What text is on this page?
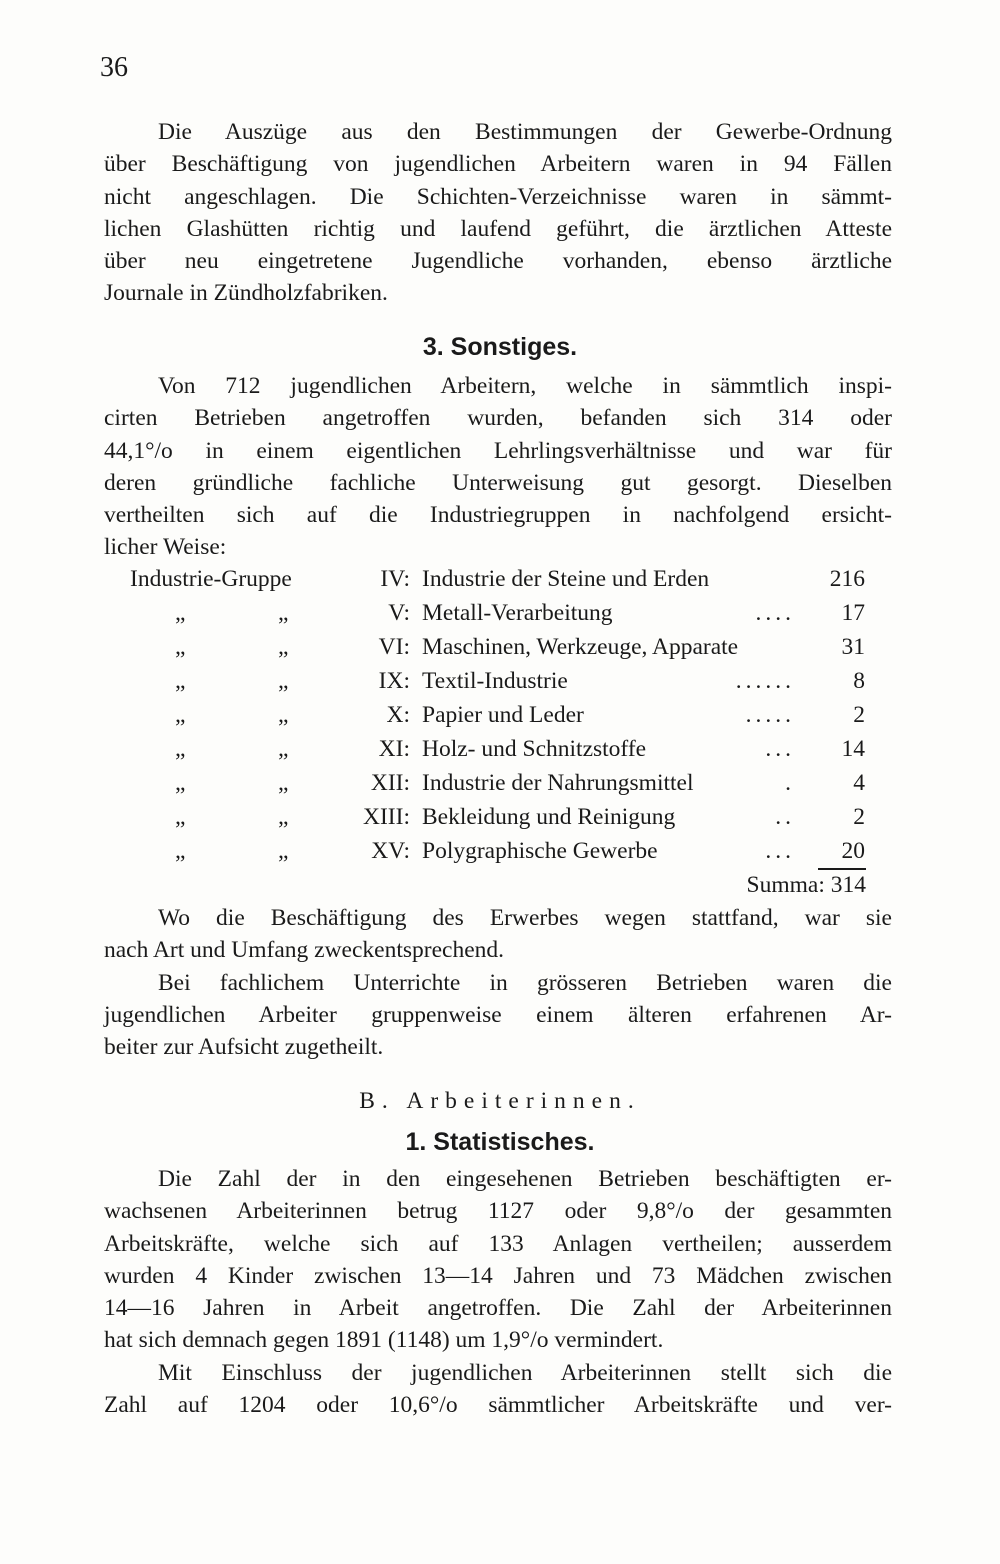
36
Die Auszüge aus den Bestimmungen der Gewerbe-Ordnung
über Beschäftigung von jugendlichen Arbeitern waren in 94 Fällen
nicht angeschlagen. Die Schichten-Verzeichnisse waren in sämmt-
lichen Glashütten richtig und laufend geführt, die ärztlichen Atteste
über neu eingetretene Jugendliche vorhanden, ebenso ärztliche
Journale in Zündholzfabriken.
3. Sonstiges.
Von 712 jugendlichen Arbeitern, welche in sämmtlich inspi-
cirten Betrieben angetroffen wurden, befanden sich 314 oder
44,1°/o in einem eigentlichen Lehrlingsverhältnisse und war für
deren gründliche fachliche Unterweisung gut gesorgt. Dieselben
vertheilten sich auf die Industriegruppen in nachfolgend ersicht-
licher Weise:
Industrie-Gruppe	IV: Industrie der Steine und Erden	216
„	„	V: Metall-Verarbeitung	....	17
„	„	VI: Maschinen, Werkzeuge, Apparate	31
„	„	IX: Textil-Industrie	......	8
„	„	X: Papier und Leder	.....	2
„	„	XI: Holz- und Schnitzstoffe	...	14
„	„	XII: Industrie der Nahrungsmittel	.	4
„	„	XIII: Bekleidung und Reinigung	..	2
„	„	XV: Polygraphische Gewerbe	...	20
Summa: 314
Wo die Beschäftigung des Erwerbes wegen stattfand, war sie
nach Art und Umfang zweckentsprechend.
Bei fachlichem Unterrichte in grösseren Betrieben waren die
jugendlichen Arbeiter gruppenweise einem älteren erfahrenen Ar-
beiter zur Aufsicht zugetheilt.
B. Arbeiterinnen.
1. Statistisches.
Die Zahl der in den eingesehenen Betrieben beschäftigten er-
wachsenen Arbeiterinnen betrug 1127 oder 9,8°/o der gesammten
Arbeitskräfte, welche sich auf 133 Anlagen vertheilen; ausserdem
wurden 4 Kinder zwischen 13—14 Jahren und 73 Mädchen zwischen
14—16 Jahren in Arbeit angetroffen. Die Zahl der Arbeiterinnen
hat sich demnach gegen 1891 (1148) um 1,9°/o vermindert.
Mit Einschluss der jugendlichen Arbeiterinnen stellt sich die
Zahl auf 1204 oder 10,6°/o sämmtlicher Arbeitskräfte und ver-
